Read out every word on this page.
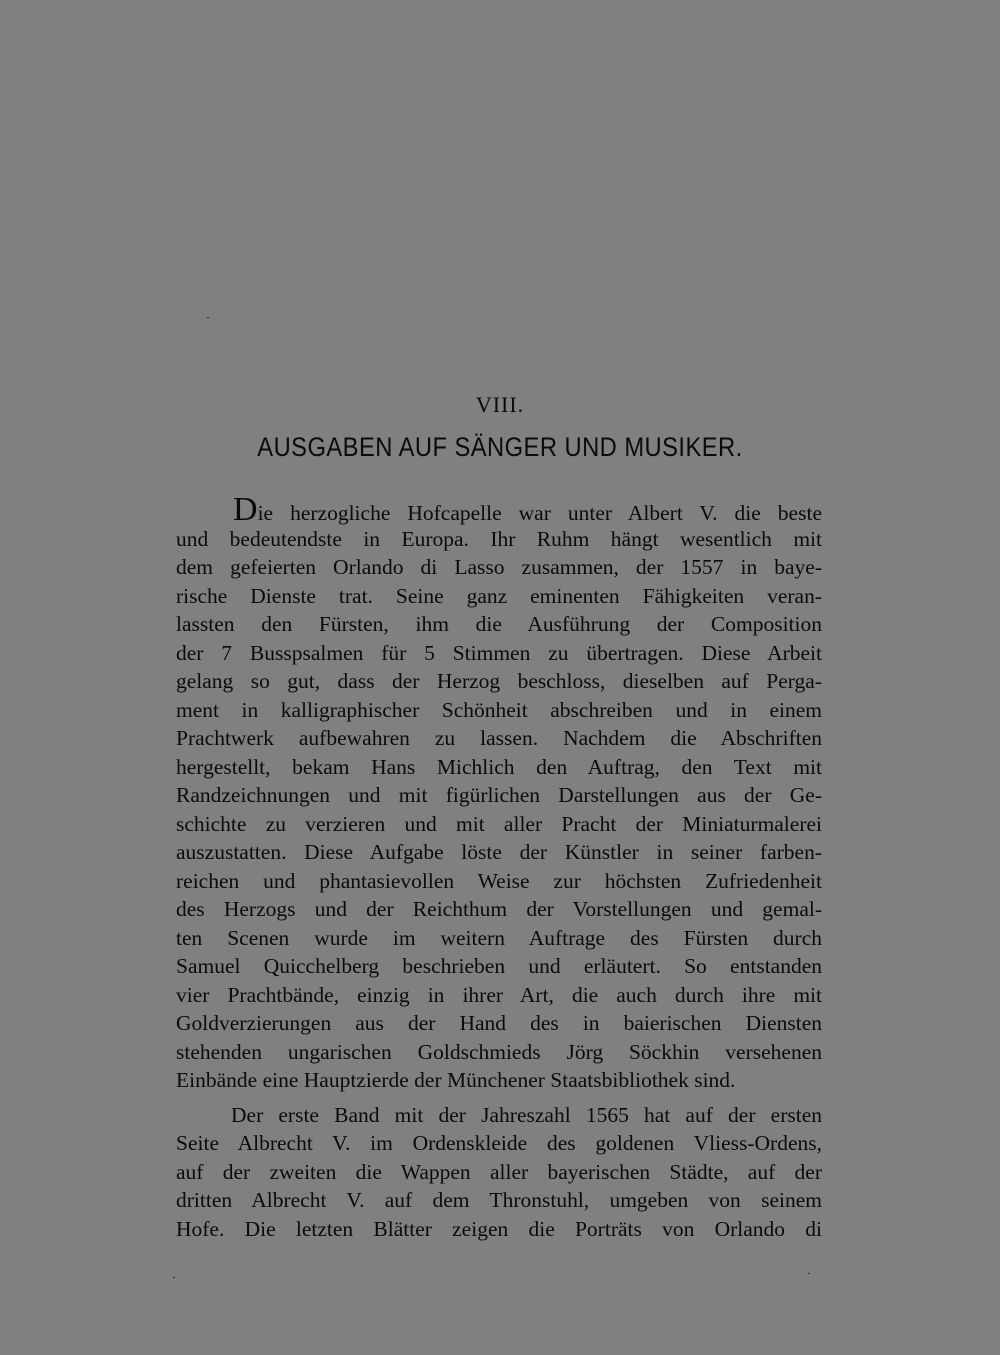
VIII.
AUSGABEN AUF SÄNGER UND MUSIKER.
Die herzogliche Hofcapelle war unter Albert V. die beste
und bedeutendste in Europa. Ihr Ruhm hängt wesentlich mit
dem gefeierten Orlando di Lasso zusammen, der 1557 in baye-
rische Dienste trat. Seine ganz eminenten Fähigkeiten veran-
lassten den Fürsten, ihm die Ausführung der Composition
der 7 Busspsalmen für 5 Stimmen zu übertragen. Diese Arbeit
gelang so gut, dass der Herzog beschloss, dieselben auf Perga-
ment in kalligraphischer Schönheit abschreiben und in einem
Prachtwerk aufbewahren zu lassen. Nachdem die Abschriften
hergestellt, bekam Hans Michlich den Auftrag, den Text mit
Randzeichnungen und mit figürlichen Darstellungen aus der Ge-
schichte zu verzieren und mit aller Pracht der Miniaturmalerei
auszustatten. Diese Aufgabe löste der Künstler in seiner farben-
reichen und phantasievollen Weise zur höchsten Zufriedenheit
des Herzogs und der Reichthum der Vorstellungen und gemal-
ten Scenen wurde im weitern Auftrage des Fürsten durch
Samuel Quicchelberg beschrieben und erläutert. So entstanden
vier Prachtbände, einzig in ihrer Art, die auch durch ihre mit
Goldverzierungen aus der Hand des in baierischen Diensten
stehenden ungarischen Goldschmieds Jörg Söckhin versehenen
Einbände eine Hauptzierde der Münchener Staatsbibliothek sind.
Der erste Band mit der Jahreszahl 1565 hat auf der ersten
Seite Albrecht V. im Ordenskleide des goldenen Vliess-Ordens,
auf der zweiten die Wappen aller bayerischen Städte, auf der
dritten Albrecht V. auf dem Thronstuhl, umgeben von seinem
Hofe. Die letzten Blätter zeigen die Porträts von Orlando di
